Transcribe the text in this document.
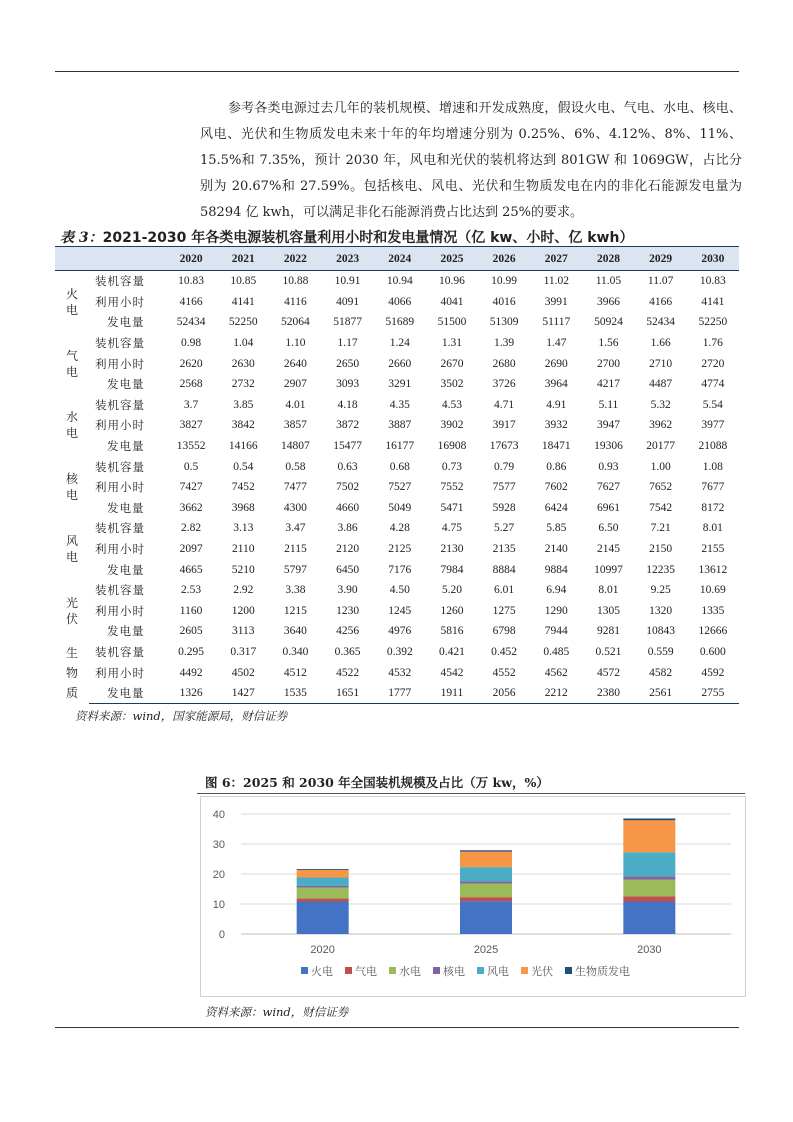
参考各类电源过去几年的装机规模、增速和开发成熟度，假设火电、气电、水电、核电、风电、光伏和生物质发电未来十年的年均增速分别为 0.25%、6%、4.12%、8%、11%、15.5%和 7.35%，预计 2030 年，风电和光伏的装机将达到 801GW 和 1069GW，占比分别为 20.67%和 27.59%。包括核电、风电、光伏和生物质发电在内的非化石能源发电量为 58294 亿 kwh，可以满足非化石能源消费占比达到 25%的要求。

表 3：2021-2030 年各类电源装机容量利用小时和发电量情况（亿 kw、小时、亿 kwh）
		2020	2021	2022	2023	2024	2025	2026	2027	2028	2029	2030
火
电	装机容量	10.83	10.85	10.88	10.91	10.94	10.96	10.99	11.02	11.05	11.07	10.83
	利用小时	4166	4141	4116	4091	4066	4041	4016	3991	3966	4166	4141
	发电量	52434	52250	52064	51877	51689	51500	51309	51117	50924	52434	52250
气
电	装机容量	0.98	1.04	1.10	1.17	1.24	1.31	1.39	1.47	1.56	1.66	1.76
	利用小时	2620	2630	2640	2650	2660	2670	2680	2690	2700	2710	2720
	发电量	2568	2732	2907	3093	3291	3502	3726	3964	4217	4487	4774
水
电	装机容量	3.7	3.85	4.01	4.18	4.35	4.53	4.71	4.91	5.11	5.32	5.54
	利用小时	3827	3842	3857	3872	3887	3902	3917	3932	3947	3962	3977
	发电量	13552	14166	14807	15477	16177	16908	17673	18471	19306	20177	21088
核
电	装机容量	0.5	0.54	0.58	0.63	0.68	0.73	0.79	0.86	0.93	1.00	1.08
	利用小时	7427	7452	7477	7502	7527	7552	7577	7602	7627	7652	7677
	发电量	3662	3968	4300	4660	5049	5471	5928	6424	6961	7542	8172
风
电	装机容量	2.82	3.13	3.47	3.86	4.28	4.75	5.27	5.85	6.50	7.21	8.01
	利用小时	2097	2110	2115	2120	2125	2130	2135	2140	2145	2150	2155
	发电量	4665	5210	5797	6450	7176	7984	8884	9884	10997	12235	13612
光
伏	装机容量	2.53	2.92	3.38	3.90	4.50	5.20	6.01	6.94	8.01	9.25	10.69
	利用小时	1160	1200	1215	1230	1245	1260	1275	1290	1305	1320	1335
	发电量	2605	3113	3640	4256	4976	5816	6798	7944	9281	10843	12666
生
物
质	装机容量	0.295	0.317	0.340	0.365	0.392	0.421	0.452	0.485	0.521	0.559	0.600
	利用小时	4492	4502	4512	4522	4532	4542	4552	4562	4572	4582	4592
	发电量	1326	1427	1535	1651	1777	1911	2056	2212	2380	2561	2755
资料来源：wind，国家能源局，财信证券
图 6：2025 和 2030 年全国装机规模及占比（万 kw，%）
0
10
20
30
40
2020	2025	2030
火电 气电 水电 核电 风电 光伏 生物质发电
资料来源：wind，财信证券
